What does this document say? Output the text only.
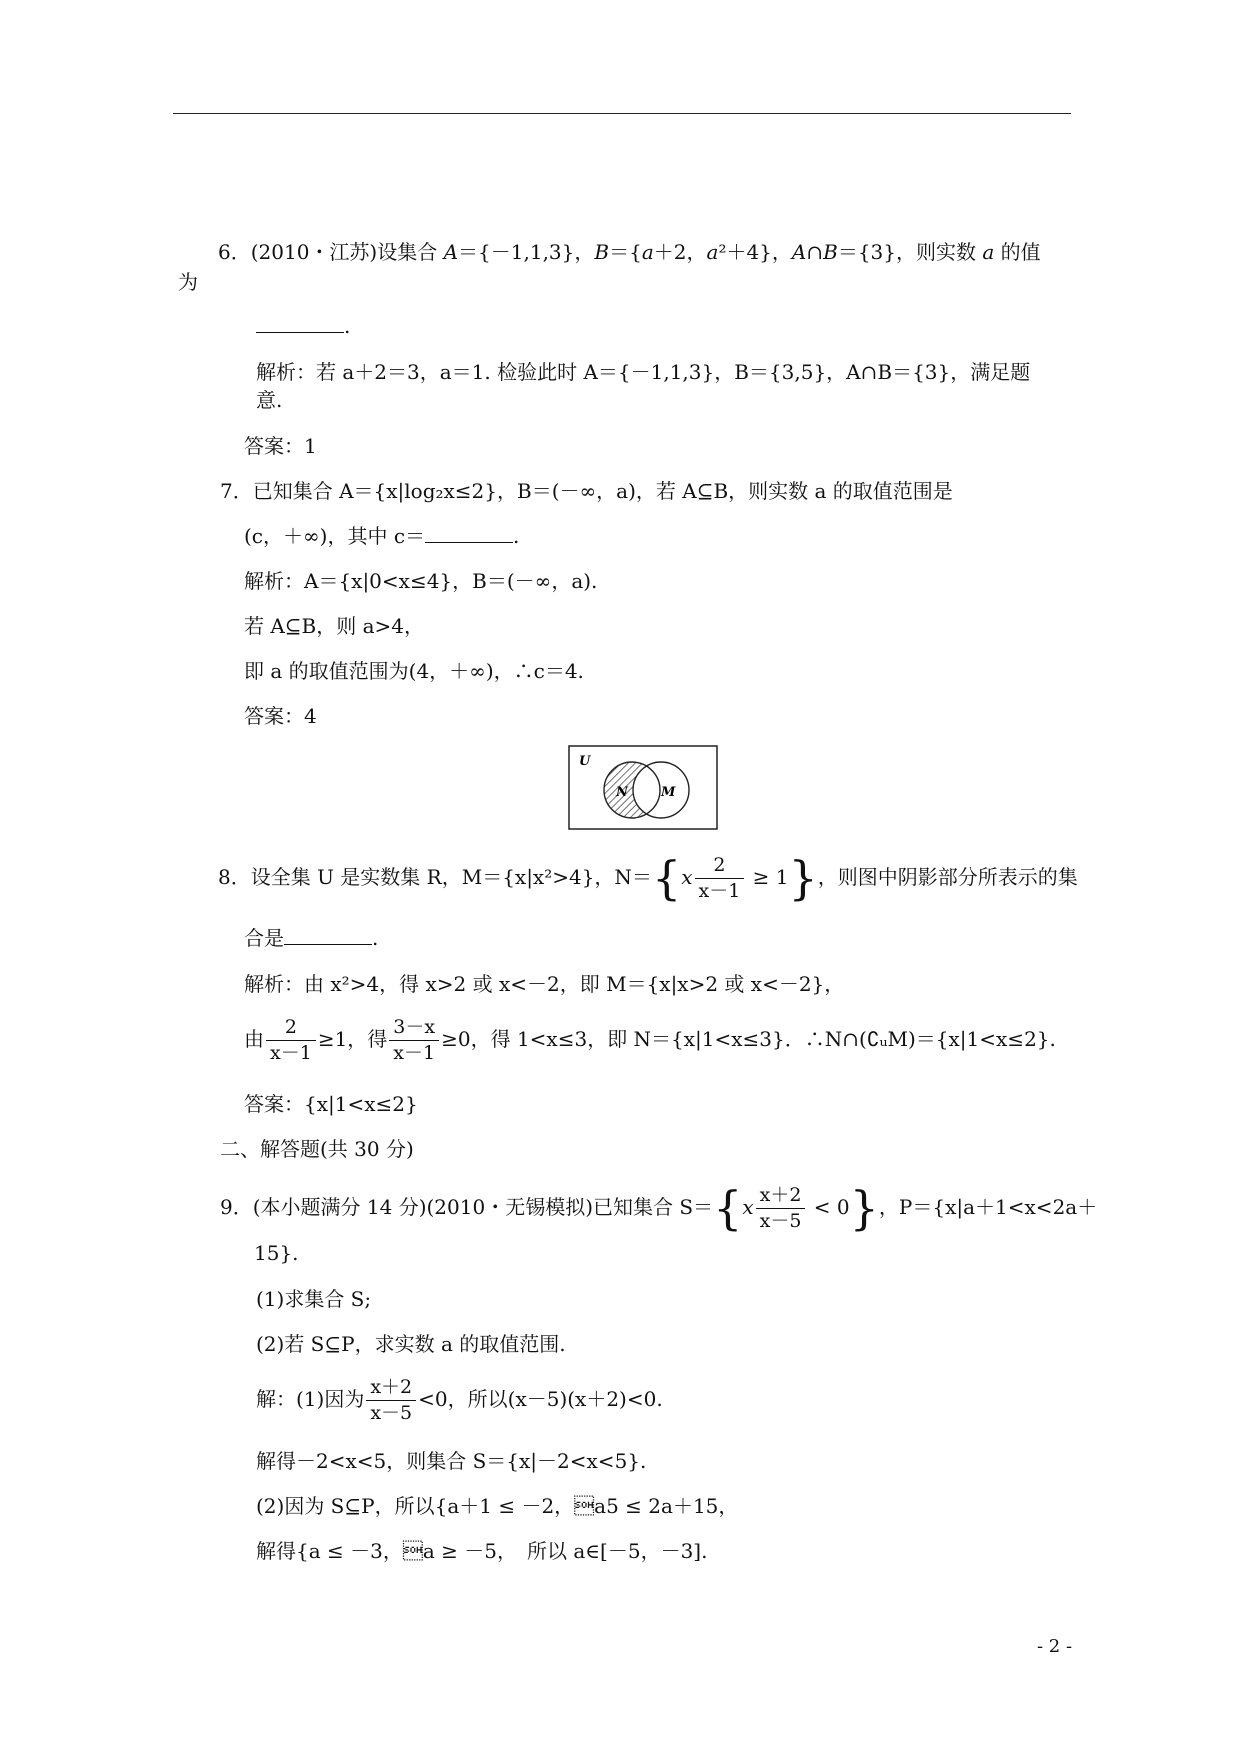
6．(2010・江苏)设集合 A＝{－1,1,3}，B＝{a＋2，a²＋4}，A∩B＝{3}，则实数 a 的值
为
.
解析：若 a＋2＝3，a＝1. 检验此时 A＝{－1,1,3}，B＝{3,5}，A∩B＝{3}，满足题
意.
答案：1
7．已知集合 A＝{x|log₂x≤2}，B＝(－∞，a)，若 A⊆B，则实数 a 的取值范围是
(c，＋∞)，其中 c＝	.
解析：A＝{x|0<x≤4}，B＝(－∞，a).
若 A⊆B，则 a>4，
即 a 的取值范围为(4，＋∞)，∴c＝4.
答案：4
U
N	M
8．设全集 U 是实数集 R，M＝{x|x²>4}，$N=\{x \frac{2}{x-1} \ge 1\}$，则图中阴影部分所表示的集
合是	.
解析：由 x²>4，得 x>2 或 x<－2，即 M＝{x|x>2 或 x<－2}，
由 $\frac{2}{x-1} \ge 1$，得 $\frac{3-x}{x-1} \ge 0$，得 1<x≤3，即 N＝{x|1<x≤3}．∴N∩(∁ᵤM)＝{x|1<x≤2}.
答案：{x|1<x≤2}
二、解答题(共 30 分)
9．(本小题满分 14 分)(2010・无锡模拟)已知集合 $S=\{x \frac{x+2}{x-5} < 0\}$，P＝{x|a＋1<x<2a＋
15}.
(1)求集合 S;
(2)若 S⊆P，求实数 a 的取值范围.
解：(1)因为 $\frac{x+2}{x-5} <0$，所以(x－5)(x＋2)<0.
解得－2<x<5，则集合 S＝{x|－2<x<5}.
(2)因为 S⊆P，所以{a＋1 ≤ －2，a5 ≤ 2a＋15，
解得{a ≤ －3，a ≥ －5，　所以 a∈[－5，－3].
- 2 -
